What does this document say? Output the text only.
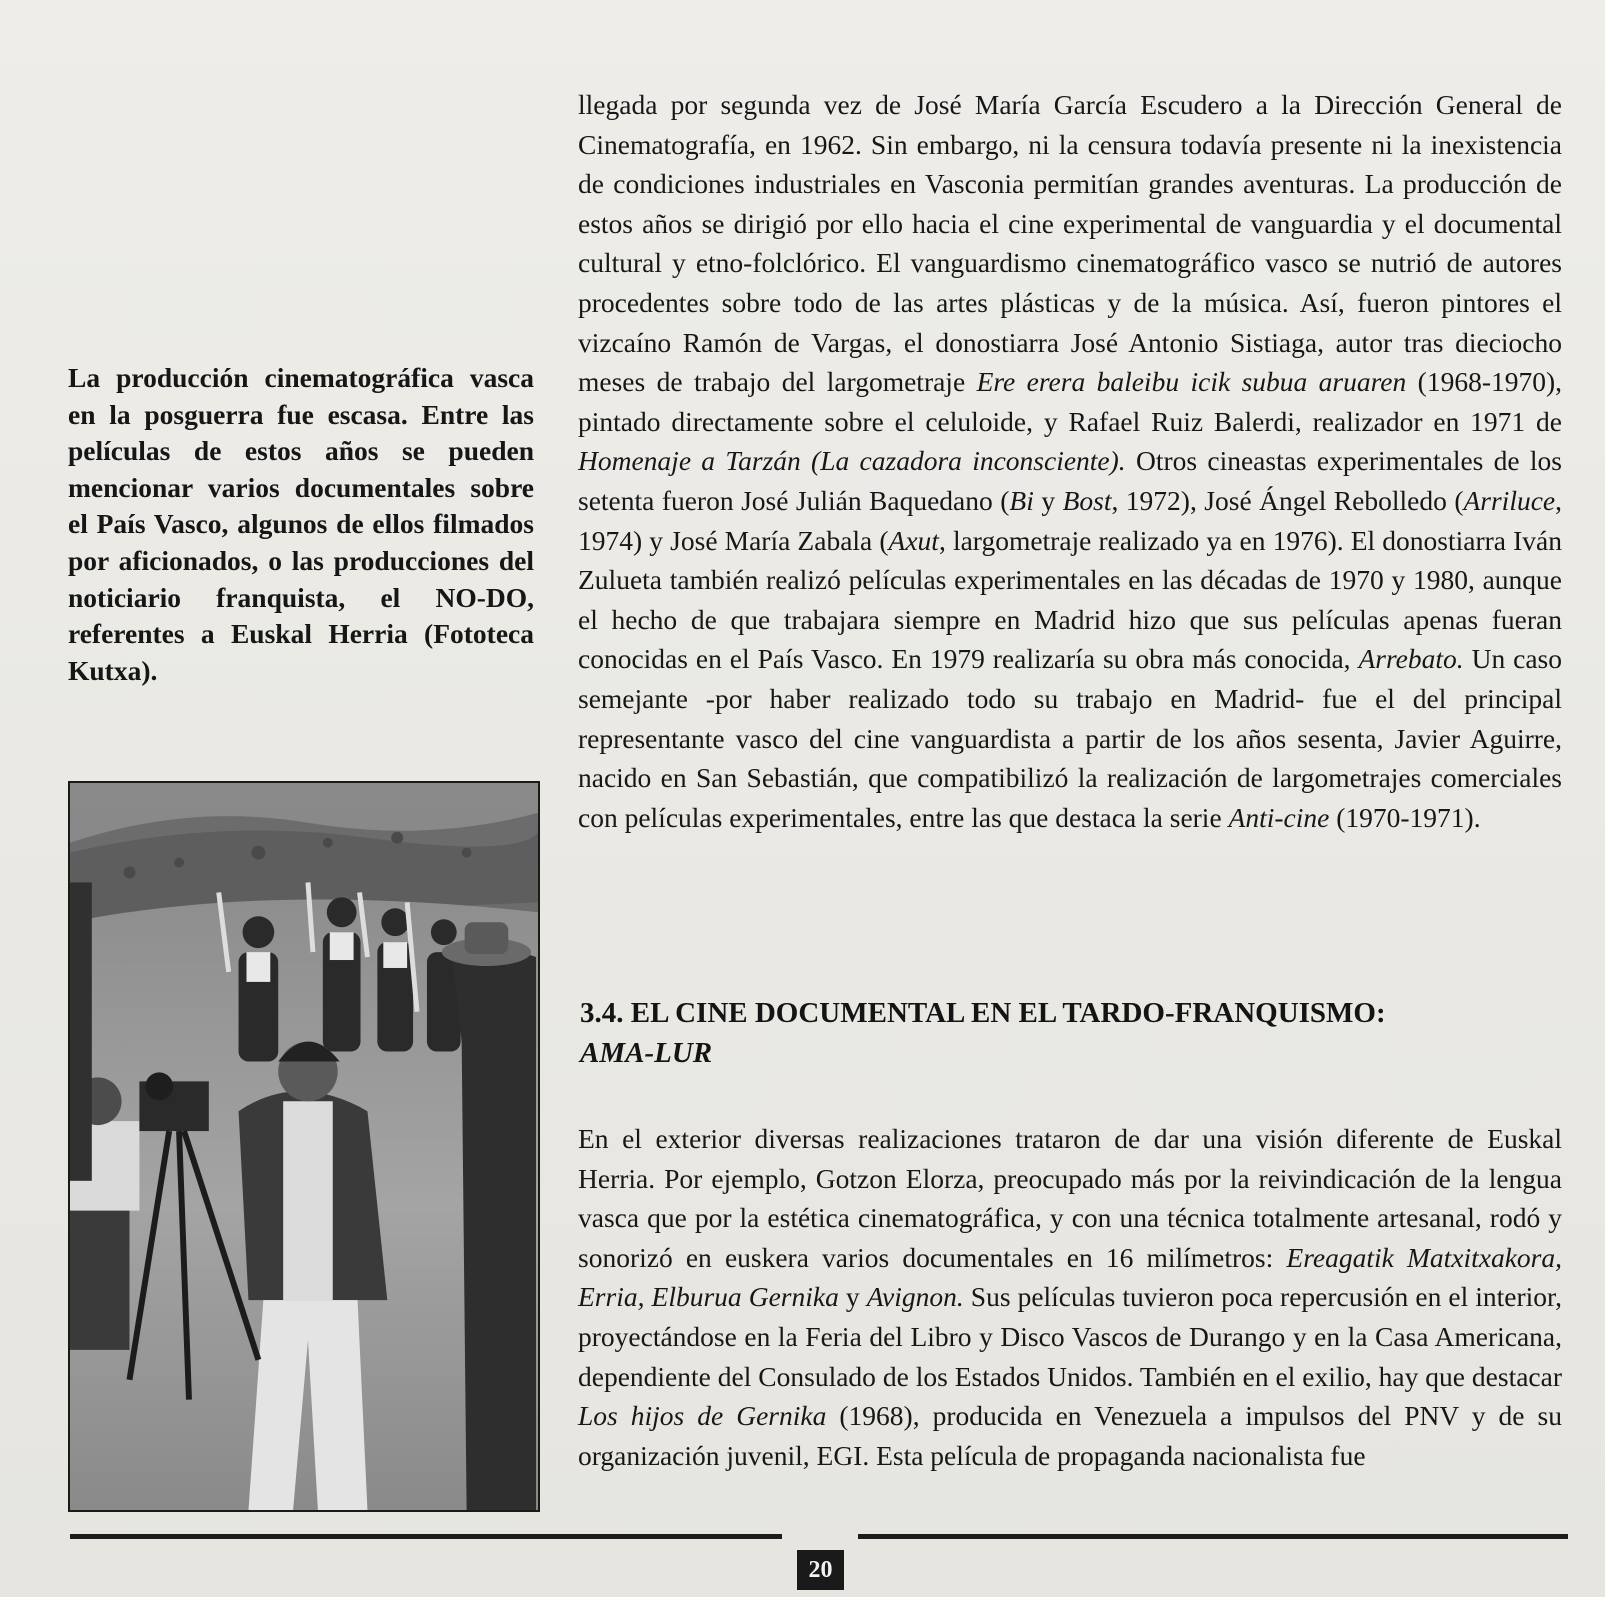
La producción cinematográfica vasca en la posguerra fue escasa. Entre las películas de estos años se pueden mencionar varios documentales sobre el País Vasco, algunos de ellos filmados por aficionados, o las producciones del noticiario franquista, el NO-DO, referentes a Euskal Herria (Fototeca Kutxa).

llegada por segunda vez de José María García Escudero a la Dirección General de Cinematografía, en 1962. Sin embargo, ni la censura todavía presente ni la inexistencia de condiciones industriales en Vasconia permitían grandes aventuras. La producción de estos años se dirigió por ello hacia el cine experimental de vanguardia y el documental cultural y etno-folclórico. El vanguardismo cinematográfico vasco se nutrió de autores procedentes sobre todo de las artes plásticas y de la música. Así, fueron pintores el vizcaíno Ramón de Vargas, el donostiarra José Antonio Sistiaga, autor tras dieciocho meses de trabajo del largometraje Ere erera baleibu icik subua aruaren (1968-1970), pintado directamente sobre el celuloide, y Rafael Ruiz Balerdi, realizador en 1971 de Homenaje a Tarzán (La cazadora inconsciente). Otros cineastas experimentales de los setenta fueron José Julián Baquedano (Bi y Bost, 1972), José Ángel Rebolledo (Arriluce, 1974) y José María Zabala (Axut, largometraje realizado ya en 1976). El donostiarra Iván Zulueta también realizó películas experimentales en las décadas de 1970 y 1980, aunque el hecho de que trabajara siempre en Madrid hizo que sus películas apenas fueran conocidas en el País Vasco. En 1979 realizaría su obra más conocida, Arrebato. Un caso semejante -por haber realizado todo su trabajo en Madrid- fue el del principal representante vasco del cine vanguardista a partir de los años sesenta, Javier Aguirre, nacido en San Sebastián, que compatibilizó la realización de largometrajes comerciales con películas experimentales, entre las que destaca la serie Anti-cine (1970-1971).

3.4. EL CINE DOCUMENTAL EN EL TARDO-FRANQUISMO:
AMA-LUR

En el exterior diversas realizaciones trataron de dar una visión diferente de Euskal Herria. Por ejemplo, Gotzon Elorza, preocupado más por la reivindicación de la lengua vasca que por la estética cinematográfica, y con una técnica totalmente artesanal, rodó y sonorizó en euskera varios documentales en 16 milímetros: Ereagatik Matxitxakora, Erria, Elburua Gernika y Avignon. Sus películas tuvieron poca repercusión en el interior, proyectándose en la Feria del Libro y Disco Vascos de Durango y en la Casa Americana, dependiente del Consulado de los Estados Unidos. También en el exilio, hay que destacar Los hijos de Gernika (1968), producida en Venezuela a impulsos del PNV y de su organización juvenil, EGI. Esta película de propaganda nacionalista fue

20
